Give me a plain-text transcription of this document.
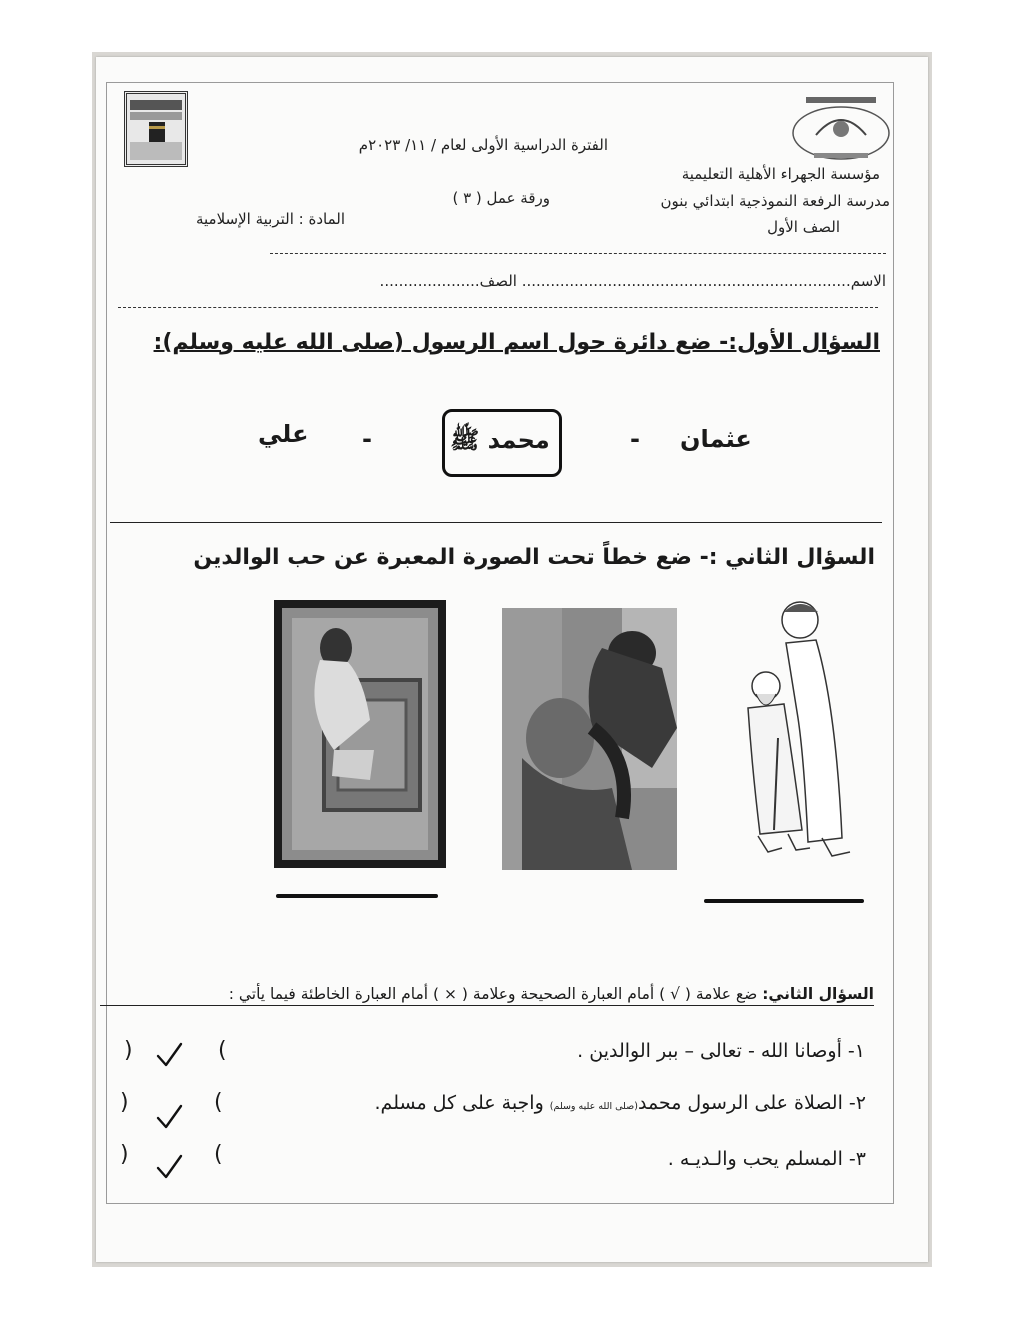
الفترة الدراسية الأولى لعام / ١١/ ٢٠٢٣م
مؤسسة الجهراء الأهلية التعليمية
مدرسة الرفعة النموذجية ابتدائي بنون
ورقة عمل ( ٣ )
المادة : التربية الإسلامية	الصف الأول
الاسم..................................................................... الصف.....................
السؤال الأول:- ضع دائرة حول اسم الرسول (صلى الله عليه وسلم):
عثمان
-
محمد ﷺ
-
علي
السؤال الثاني :- ضع خطاً تحت الصورة المعبرة عن حب الوالدين
السؤال الثاني: ضع علامة ( √ ) أمام العبارة الصحيحة وعلامة ( × ) أمام العبارة الخاطئة فيما يأتي :
١- أوصانا الله - تعالى – ببر الوالدين .
(
)
٢- الصلاة على الرسول محمد(صلى الله عليه وسلم) واجبة على كل مسلم.
(
)
٣- المسلم يحب والـديـه .
(
)
